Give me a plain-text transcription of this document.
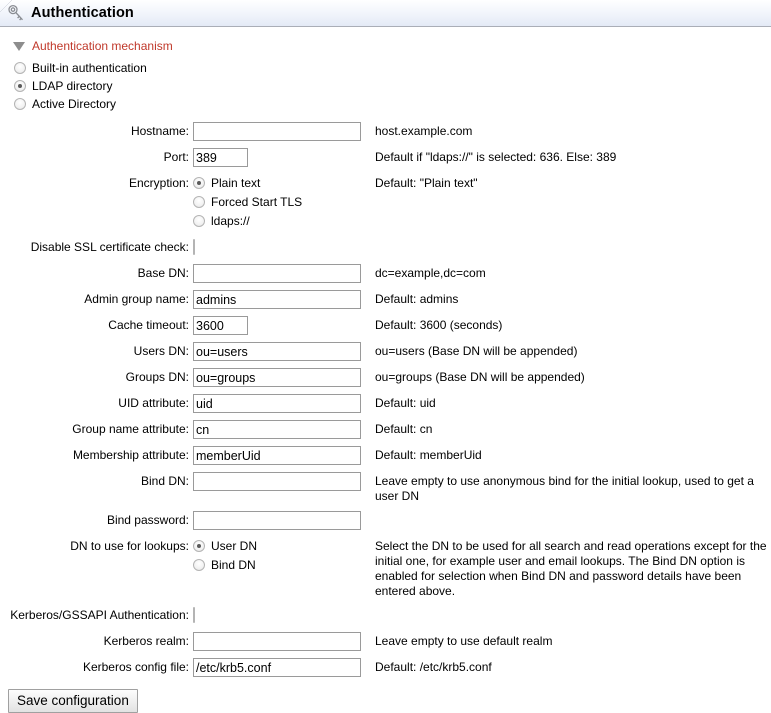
Authentication
Authentication mechanism
Built-in authentication
LDAP directory
Active Directory
Hostname:	host.example.com
Port:
389	Default if "ldaps://" is selected: 636. Else: 389
Encryption:	Plain text
Forced Start TLS
ldaps://
Default: "Plain text"
Disable SSL certificate check:
Base DN:	dc=example,dc=com
Admin group name:
admins	Default: admins
Cache timeout:
3600	Default: 3600 (seconds)
Users DN:
ou=users	ou=users (Base DN will be appended)
Groups DN:
ou=groups	ou=groups (Base DN will be appended)
UID attribute:
uid	Default: uid
Group name attribute:
cn	Default: cn
Membership attribute:
memberUid	Default: memberUid
Bind DN:	Leave empty to use anonymous bind for the initial lookup, used to get a user DN
Bind password:
DN to use for lookups:	User DN
Bind DN
Select the DN to be used for all search and read operations except for the initial one, for example user and email lookups. The Bind DN option is enabled for selection when Bind DN and password details have been entered above.
Kerberos/GSSAPI Authentication:
Kerberos realm:	Leave empty to use default realm
Kerberos config file:
/etc/krb5.conf	Default: /etc/krb5.conf
Save configuration
